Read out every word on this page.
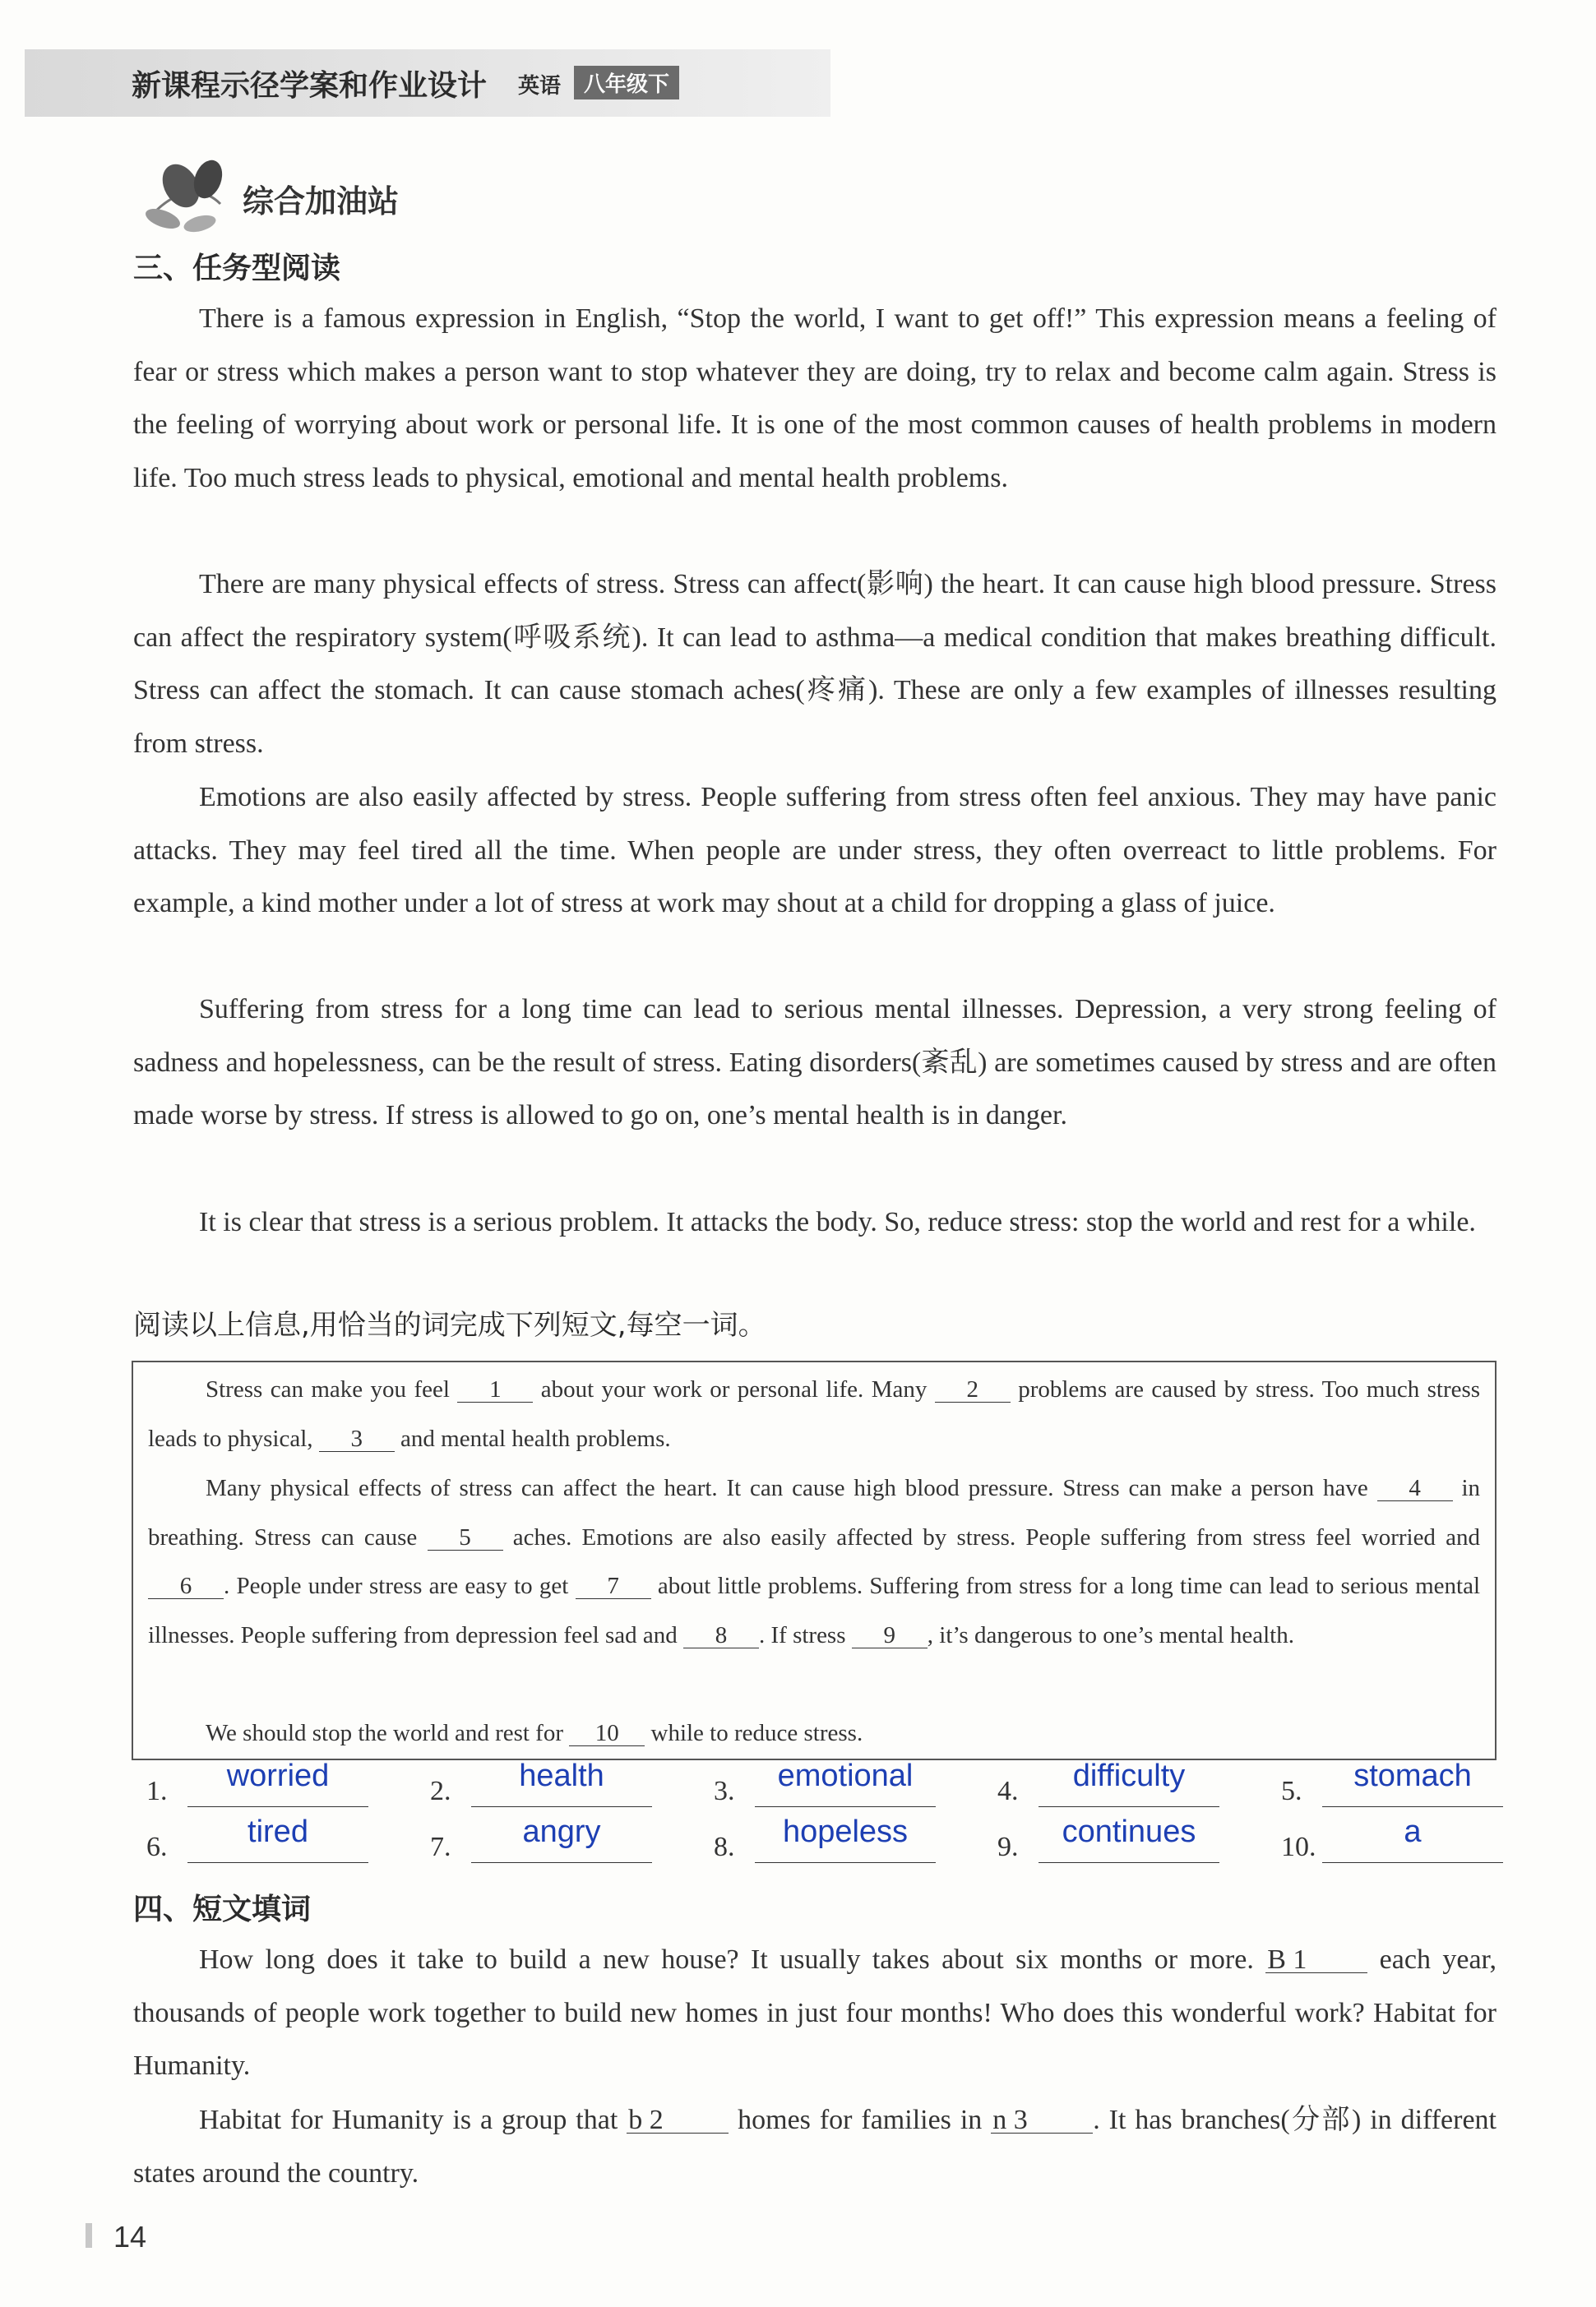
新课程示径学案和作业设计 英语	八年级下
综合加油站
三、任务型阅读
There is a famous expression in English, “Stop the world, I want to get off!” This expression means a feeling of fear or stress which makes a person want to stop whatever they are doing, try to relax and become calm again. Stress is the feeling of worrying about work or personal life. It is one of the most common causes of health problems in modern life. Too much stress leads to physical, emotional and mental health problems.
There are many physical effects of stress. Stress can affect(影响) the heart. It can cause high blood pressure. Stress can affect the respiratory system(呼吸系统). It can lead to asthma—a medical condition that makes breathing difficult. Stress can affect the stomach. It can cause stomach aches(疼痛). These are only a few examples of illnesses resulting from stress.
Emotions are also easily affected by stress. People suffering from stress often feel anxious. They may have panic attacks. They may feel tired all the time. When people are under stress, they often overreact to little problems. For example, a kind mother under a lot of stress at work may shout at a child for dropping a glass of juice.
Suffering from stress for a long time can lead to serious mental illnesses. Depression, a very strong feeling of sadness and hopelessness, can be the result of stress. Eating disorders(紊乱) are sometimes caused by stress and are often made worse by stress. If stress is allowed to go on, one’s mental health is in danger.
It is clear that stress is a serious problem. It attacks the body. So, reduce stress: stop the world and rest for a while.
阅读以上信息,用恰当的词完成下列短文,每空一词。
Stress can make you feel 1 about your work or personal life. Many 2 problems are caused by stress. Too much stress leads to physical, 3 and mental health problems.
Many physical effects of stress can affect the heart. It can cause high blood pressure. Stress can make a person have 4 in breathing. Stress can cause 5 aches. Emotions are also easily affected by stress. People suffering from stress feel worried and 6 . People under stress are easy to get 7 about little problems. Suffering from stress for a long time can lead to serious mental illnesses. People suffering from depression feel sad and 8 . If stress 9 , it’s dangerous to one’s mental health.
We should stop the world and rest for 10 while to reduce stress.
1.	worried	2.	health	3.	emotional	4.	difficulty	5.	stomach
6.	tired	7.	angry	8.	hopeless	9.	continues	10.	a
四、短文填词
How long does it take to build a new house? It usually takes about six months or more. B 1	each year, thousands of people work together to build new homes in just four months! Who does this wonderful work? Habitat for Humanity.
Habitat for Humanity is a group that b 2	homes for families in n 3 . It has branches(分部) in different states around the country.
14
